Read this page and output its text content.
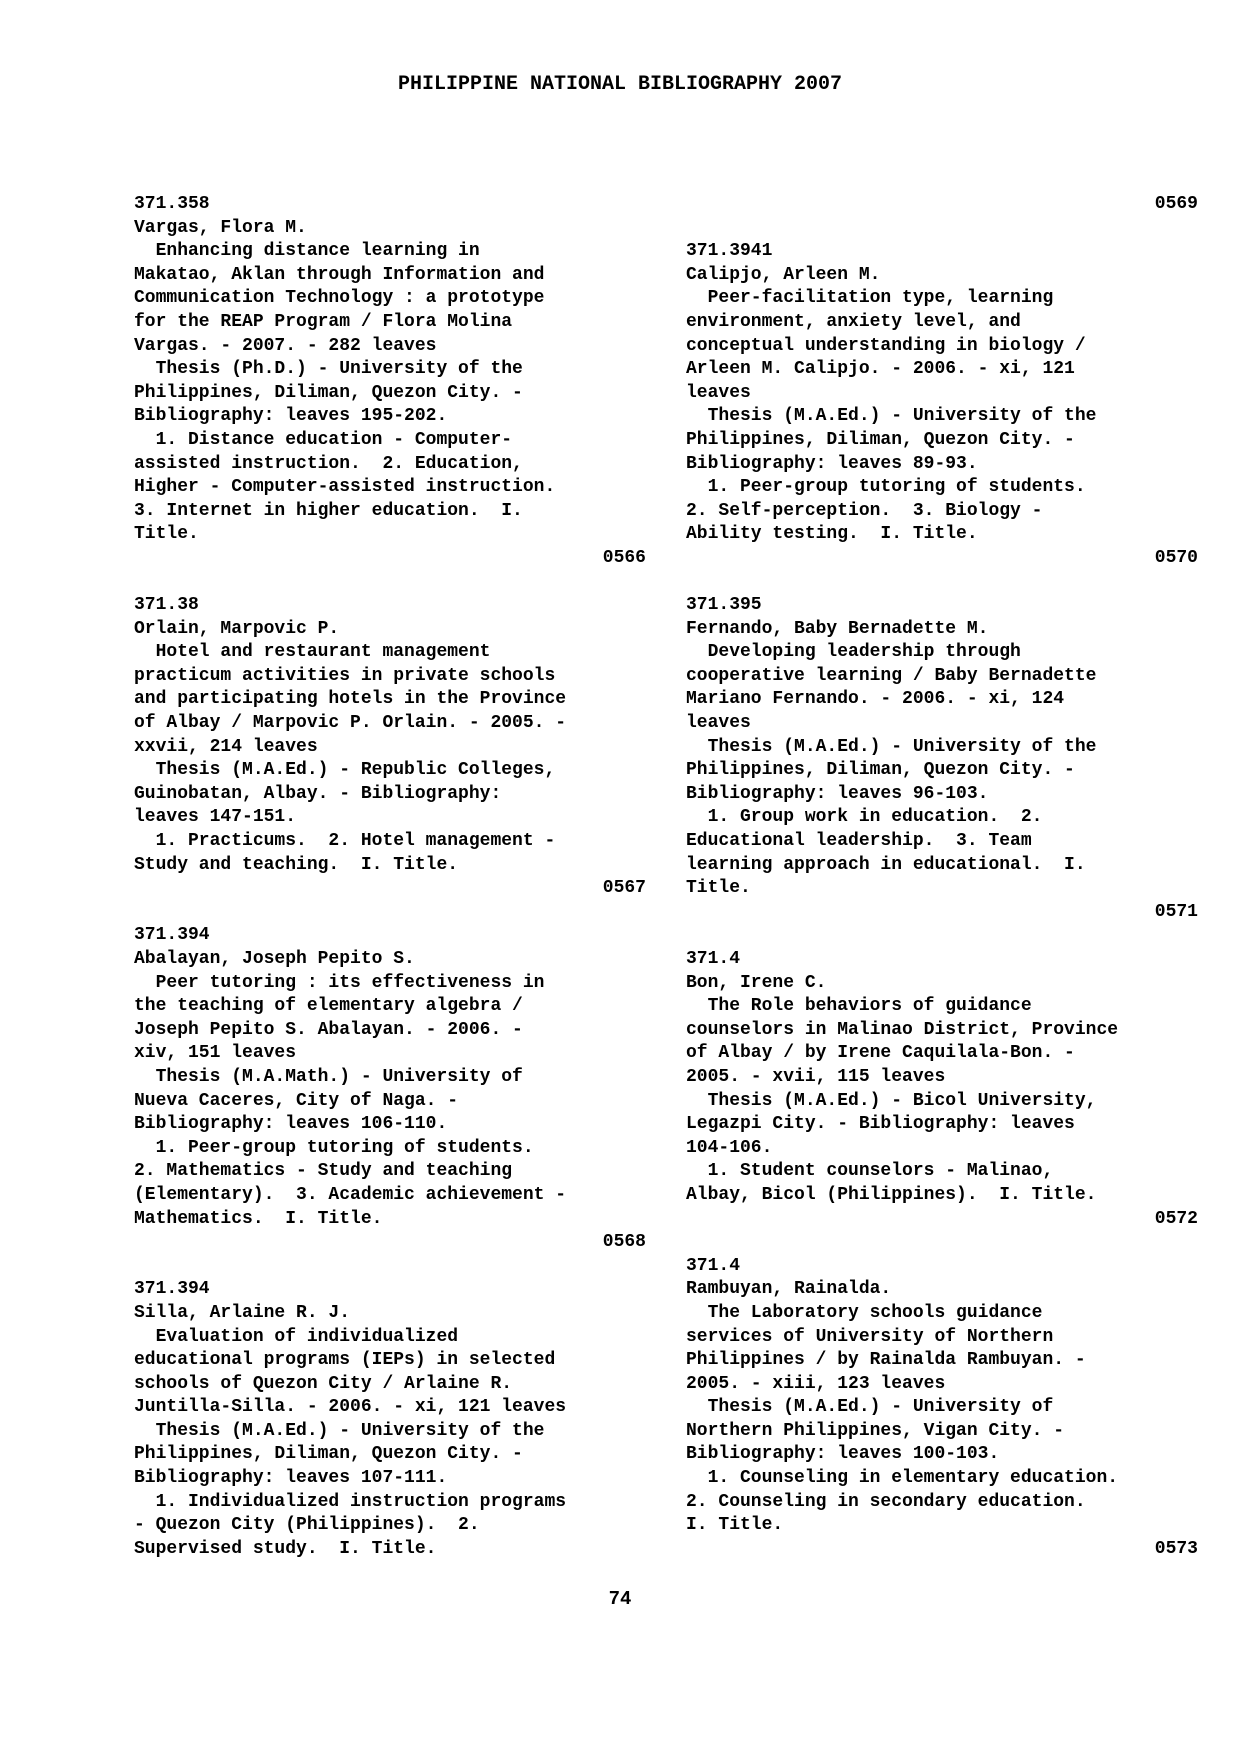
PHILIPPINE NATIONAL BIBLIOGRAPHY 2007
371.358
Vargas, Flora M.
Enhancing distance learning in
Makatao, Aklan through Information and
Communication Technology : a prototype
for the REAP Program / Flora Molina
Vargas. - 2007. - 282 leaves
Thesis (Ph.D.) - University of the
Philippines, Diliman, Quezon City. -
Bibliography: leaves 195-202.
1. Distance education - Computer-
assisted instruction.  2. Education,
Higher - Computer-assisted instruction.
3. Internet in higher education.  I.
Title.
0566
371.38
Orlain, Marpovic P.
Hotel and restaurant management
practicum activities in private schools
and participating hotels in the Province
of Albay / Marpovic P. Orlain. - 2005. -
xxvii, 214 leaves
Thesis (M.A.Ed.) - Republic Colleges,
Guinobatan, Albay. - Bibliography:
leaves 147-151.
1. Practicums.  2. Hotel management -
Study and teaching.  I. Title.
0567
371.394
Abalayan, Joseph Pepito S.
Peer tutoring : its effectiveness in
the teaching of elementary algebra /
Joseph Pepito S. Abalayan. - 2006. -
xiv, 151 leaves
Thesis (M.A.Math.) - University of
Nueva Caceres, City of Naga. -
Bibliography: leaves 106-110.
1. Peer-group tutoring of students.
2. Mathematics - Study and teaching
(Elementary).  3. Academic achievement -
Mathematics.  I. Title.
0568
371.394
Silla, Arlaine R. J.
Evaluation of individualized
educational programs (IEPs) in selected
schools of Quezon City / Arlaine R.
Juntilla-Silla. - 2006. - xi, 121 leaves
Thesis (M.A.Ed.) - University of the
Philippines, Diliman, Quezon City. -
Bibliography: leaves 107-111.
1. Individualized instruction programs
- Quezon City (Philippines).  2.
Supervised study.  I. Title.
0569
371.3941
Calipjo, Arleen M.
Peer-facilitation type, learning
environment, anxiety level, and
conceptual understanding in biology /
Arleen M. Calipjo. - 2006. - xi, 121
leaves
Thesis (M.A.Ed.) - University of the
Philippines, Diliman, Quezon City. -
Bibliography: leaves 89-93.
1. Peer-group tutoring of students.
2. Self-perception.  3. Biology -
Ability testing.  I. Title.
0570
371.395
Fernando, Baby Bernadette M.
Developing leadership through
cooperative learning / Baby Bernadette
Mariano Fernando. - 2006. - xi, 124
leaves
Thesis (M.A.Ed.) - University of the
Philippines, Diliman, Quezon City. -
Bibliography: leaves 96-103.
1. Group work in education.  2.
Educational leadership.  3. Team
learning approach in educational.  I.
Title.
0571
371.4
Bon, Irene C.
The Role behaviors of guidance
counselors in Malinao District, Province
of Albay / by Irene Caquilala-Bon. -
2005. - xvii, 115 leaves
Thesis (M.A.Ed.) - Bicol University,
Legazpi City. - Bibliography: leaves
104-106.
1. Student counselors - Malinao,
Albay, Bicol (Philippines).  I. Title.
0572
371.4
Rambuyan, Rainalda.
The Laboratory schools guidance
services of University of Northern
Philippines / by Rainalda Rambuyan. -
2005. - xiii, 123 leaves
Thesis (M.A.Ed.) - University of
Northern Philippines, Vigan City. -
Bibliography: leaves 100-103.
1. Counseling in elementary education.
2. Counseling in secondary education.
I. Title.
0573
74
